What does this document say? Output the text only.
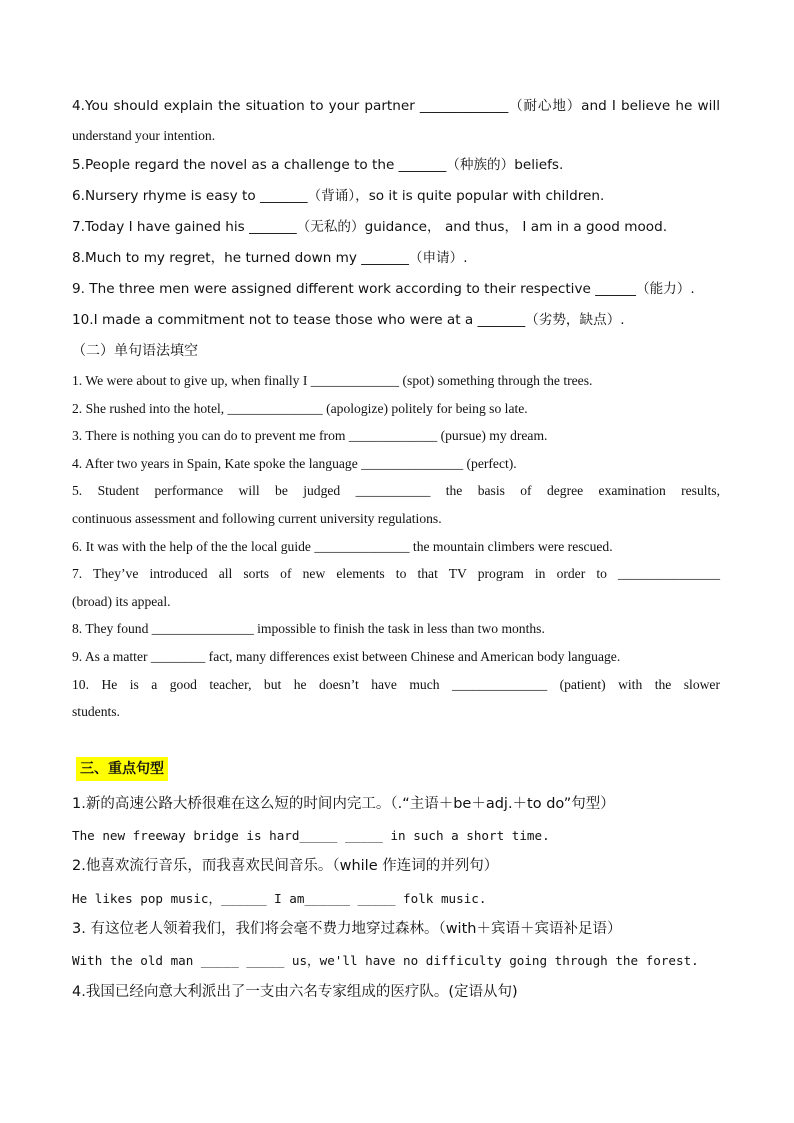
4.You should explain the situation to your partner _____________（耐心地）and I believe he will
understand your intention.
5.People regard the novel as a challenge to the _______（种族的）beliefs.
6.Nursery rhyme is easy to _______（背诵），so it is quite popular with children.
7.Today I have gained his _______（无私的）guidance， and thus， I am in a good mood.
8.Much to my regret，he turned down my _______（申请）.
9. The three men were assigned different work according to their respective ______（能力）.
10.I made a commitment not to tease those who were at a _______（劣势，缺点）.
（二）单句语法填空
1. We were about to give up, when finally I _____________ (spot) something through the trees.
2. She rushed into the hotel, ______________ (apologize) politely for being so late.
3. There is nothing you can do to prevent me from _____________ (pursue) my dream.
4. After two years in Spain, Kate spoke the language _______________ (perfect).
5. Student performance will be judged ___________ the basis of degree examination results,
continuous assessment and following current university regulations.
6. It was with the help of the the local guide ______________ the mountain climbers were rescued.
7. They’ve introduced all sorts of new elements to that TV program in order to _______________
(broad) its appeal.
8. They found _______________ impossible to finish the task in less than two months.
9. As a matter ________ fact, many differences exist between Chinese and American body language.
10. He is a good teacher, but he doesn’t have much ______________ (patient) with the slower
students.
三、重点句型
1.新的高速公路大桥很难在这么短的时间内完工。（.“主语＋be＋adj.＋to do”句型）
The new freeway bridge is hard_____ _____ in such a short time.
2.他喜欢流行音乐，而我喜欢民间音乐。（while 作连词的并列句）
He likes pop music，______ I am______ _____ folk music.
3. 有这位老人领着我们，我们将会毫不费力地穿过森林。（with＋宾语＋宾语补足语）
With the old man _____ _____ us，we'll have no difficulty going through the forest.
4.我国已经向意大利派出了一支由六名专家组成的医疗队。(定语从句)
